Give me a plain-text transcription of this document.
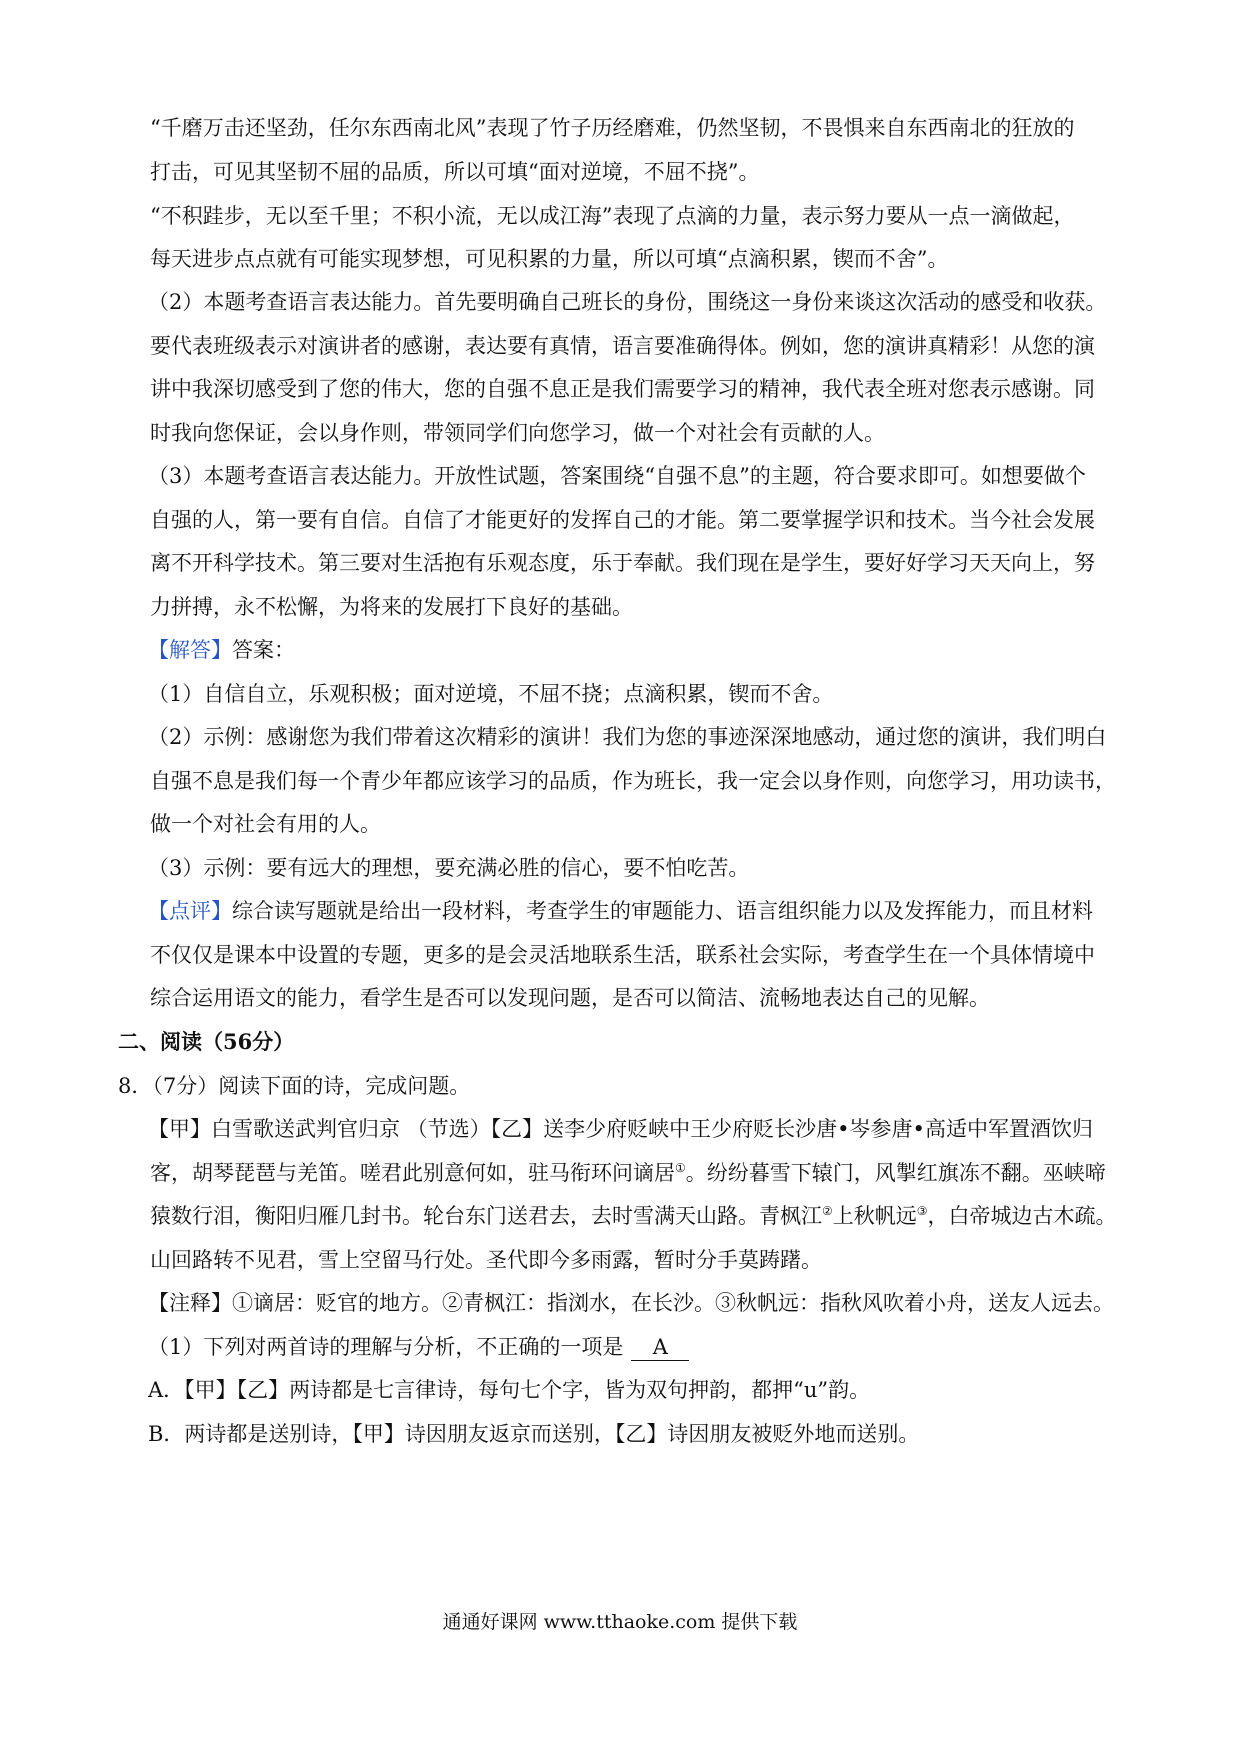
“千磨万击还坚劲，任尔东西南北风”表现了竹子历经磨难，仍然坚韧，不畏惧来自东西南北的狂放的
打击，可见其坚韧不屈的品质，所以可填“面对逆境，不屈不挠”。
“不积跬步，无以至千里；不积小流，无以成江海”表现了点滴的力量，表示努力要从一点一滴做起，
每天进步点点就有可能实现梦想，可见积累的力量，所以可填“点滴积累，锲而不舍”。
（2）本题考查语言表达能力。首先要明确自己班长的身份，围绕这一身份来谈这次活动的感受和收获。
要代表班级表示对演讲者的感谢，表达要有真情，语言要准确得体。例如，您的演讲真精彩！从您的演
讲中我深切感受到了您的伟大，您的自强不息正是我们需要学习的精神，我代表全班对您表示感谢。同
时我向您保证，会以身作则，带领同学们向您学习，做一个对社会有贡献的人。
（3）本题考查语言表达能力。开放性试题，答案围绕“自强不息”的主题，符合要求即可。如想要做个
自强的人，第一要有自信。自信了才能更好的发挥自己的才能。第二要掌握学识和技术。当今社会发展
离不开科学技术。第三要对生活抱有乐观态度，乐于奉献。我们现在是学生，要好好学习天天向上，努
力拼搏，永不松懈，为将来的发展打下良好的基础。
【解答】答案：
（1）自信自立，乐观积极；面对逆境，不屈不挠；点滴积累，锲而不舍。
（2）示例：感谢您为我们带着这次精彩的演讲！我们为您的事迹深深地感动，通过您的演讲，我们明白
自强不息是我们每一个青少年都应该学习的品质，作为班长，我一定会以身作则，向您学习，用功读书，
做一个对社会有用的人。
（3）示例：要有远大的理想，要充满必胜的信心，要不怕吃苦。
【点评】综合读写题就是给出一段材料，考查学生的审题能力、语言组织能力以及发挥能力，而且材料
不仅仅是课本中设置的专题，更多的是会灵活地联系生活，联系社会实际，考查学生在一个具体情境中
综合运用语文的能力，看学生是否可以发现问题，是否可以简洁、流畅地表达自己的见解。
二、阅读（56分）
8．（7分）阅读下面的诗，完成问题。
【甲】白雪歌送武判官归京 （节选）【乙】送李少府贬峡中王少府贬长沙唐•岑参唐•高适中军置酒饮归
客，胡琴琵琶与羌笛。嗟君此别意何如，驻马衔环问谪居①。纷纷暮雪下辕门，风掣红旗冻不翻。巫峡啼
猿数行泪，衡阳归雁几封书。轮台东门送君去，去时雪满天山路。青枫江②上秋帆远③，白帝城边古木疏。
山回路转不见君，雪上空留马行处。圣代即今多雨露，暂时分手莫踌躇。
【注释】①谪居：贬官的地方。②青枫江：指浏水，在长沙。③秋帆远：指秋风吹着小舟，送友人远去。
（1）下列对两首诗的理解与分析，不正确的一项是 A
A．【甲】【乙】两诗都是七言律诗，每句七个字，皆为双句押韵，都押“u”韵。
B．两诗都是送别诗，【甲】诗因朋友返京而送别，【乙】诗因朋友被贬外地而送别。
通通好课网 www.tthaoke.com 提供下载
